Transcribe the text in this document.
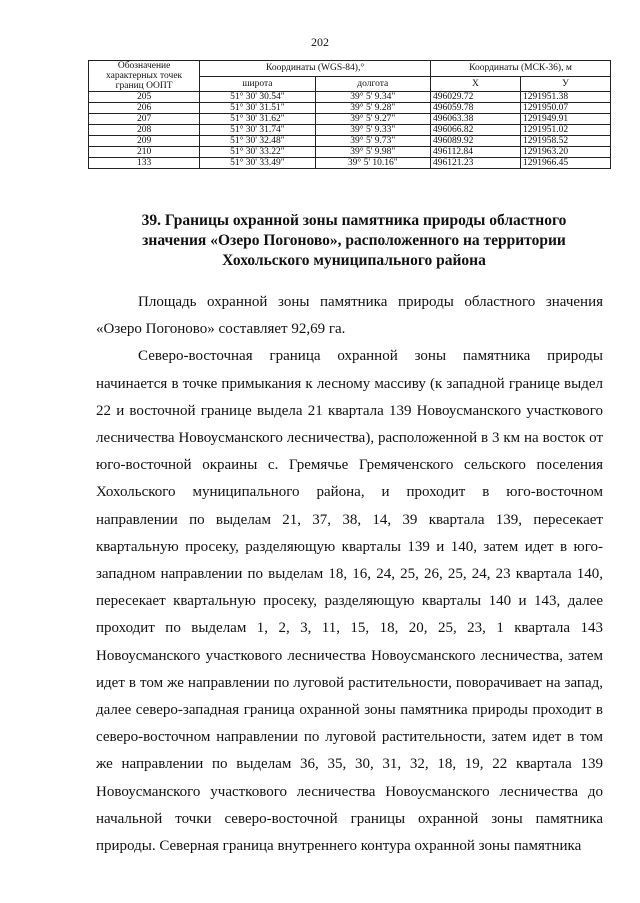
202
Обозначение характерных точек границ ООПТ	Координаты (WGS-84),°		Координаты (МСК-36), м	
	широта	долгота	X	У
205	51° 30' 30.54"	39° 5' 9.34"	496029.72	1291951.38
206	51° 30' 31.51"	39° 5' 9.28"	496059.78	1291950.07
207	51° 30' 31.62"	39° 5' 9.27"	496063.38	1291949.91
208	51° 30' 31.74"	39° 5' 9.33"	496066.82	1291951.02
209	51° 30' 32.48"	39° 5' 9.73"	496089.92	1291958.52
210	51° 30' 33.22"	39° 5' 9.98"	496112.84	1291963.20
133	51° 30' 33.49"	39° 5' 10.16"	496121.23	1291966.45
39. Границы охранной зоны памятника природы областного
значения «Озеро Погоново», расположенного на территории
Хохольского муниципального района

Площадь охранной зоны памятника природы областного значения «Озеро Погоново» составляет 92,69 га.

Северо-восточная граница охранной зоны памятника природы начинается в точке примыкания к лесному массиву (к западной границе выдел 22 и восточной границе выдела 21 квартала 139 Новоусманского участкового лесничества Новоусманского лесничества), расположенной в 3 км на восток от юго-восточной окраины с. Гремячье Гремяченского сельского поселения Хохольского муниципального района, и проходит в юго-восточном направлении по выделам 21, 37, 38, 14, 39 квартала 139, пересекает квартальную просеку, разделяющую кварталы 139 и 140, затем идет в юго-западном направлении по выделам 18, 16, 24, 25, 26, 25, 24, 23 квартала 140, пересекает квартальную просеку, разделяющую кварталы 140 и 143, далее проходит по выделам 1, 2, 3, 11, 15, 18, 20, 25, 23, 1 квартала 143 Новоусманского участкового лесничества Новоусманского лесничества, затем идет в том же направлении по луговой растительности, поворачивает на запад, далее северо-западная граница охранной зоны памятника природы проходит в северо-восточном направлении по луговой растительности, затем идет в том же направлении по выделам 36, 35, 30, 31, 32, 18, 19, 22 квартала 139 Новоусманского участкового лесничества Новоусманского лесничества до начальной точки северо-восточной границы охранной зоны памятника природы. Северная граница внутреннего контура охранной зоны памятника
